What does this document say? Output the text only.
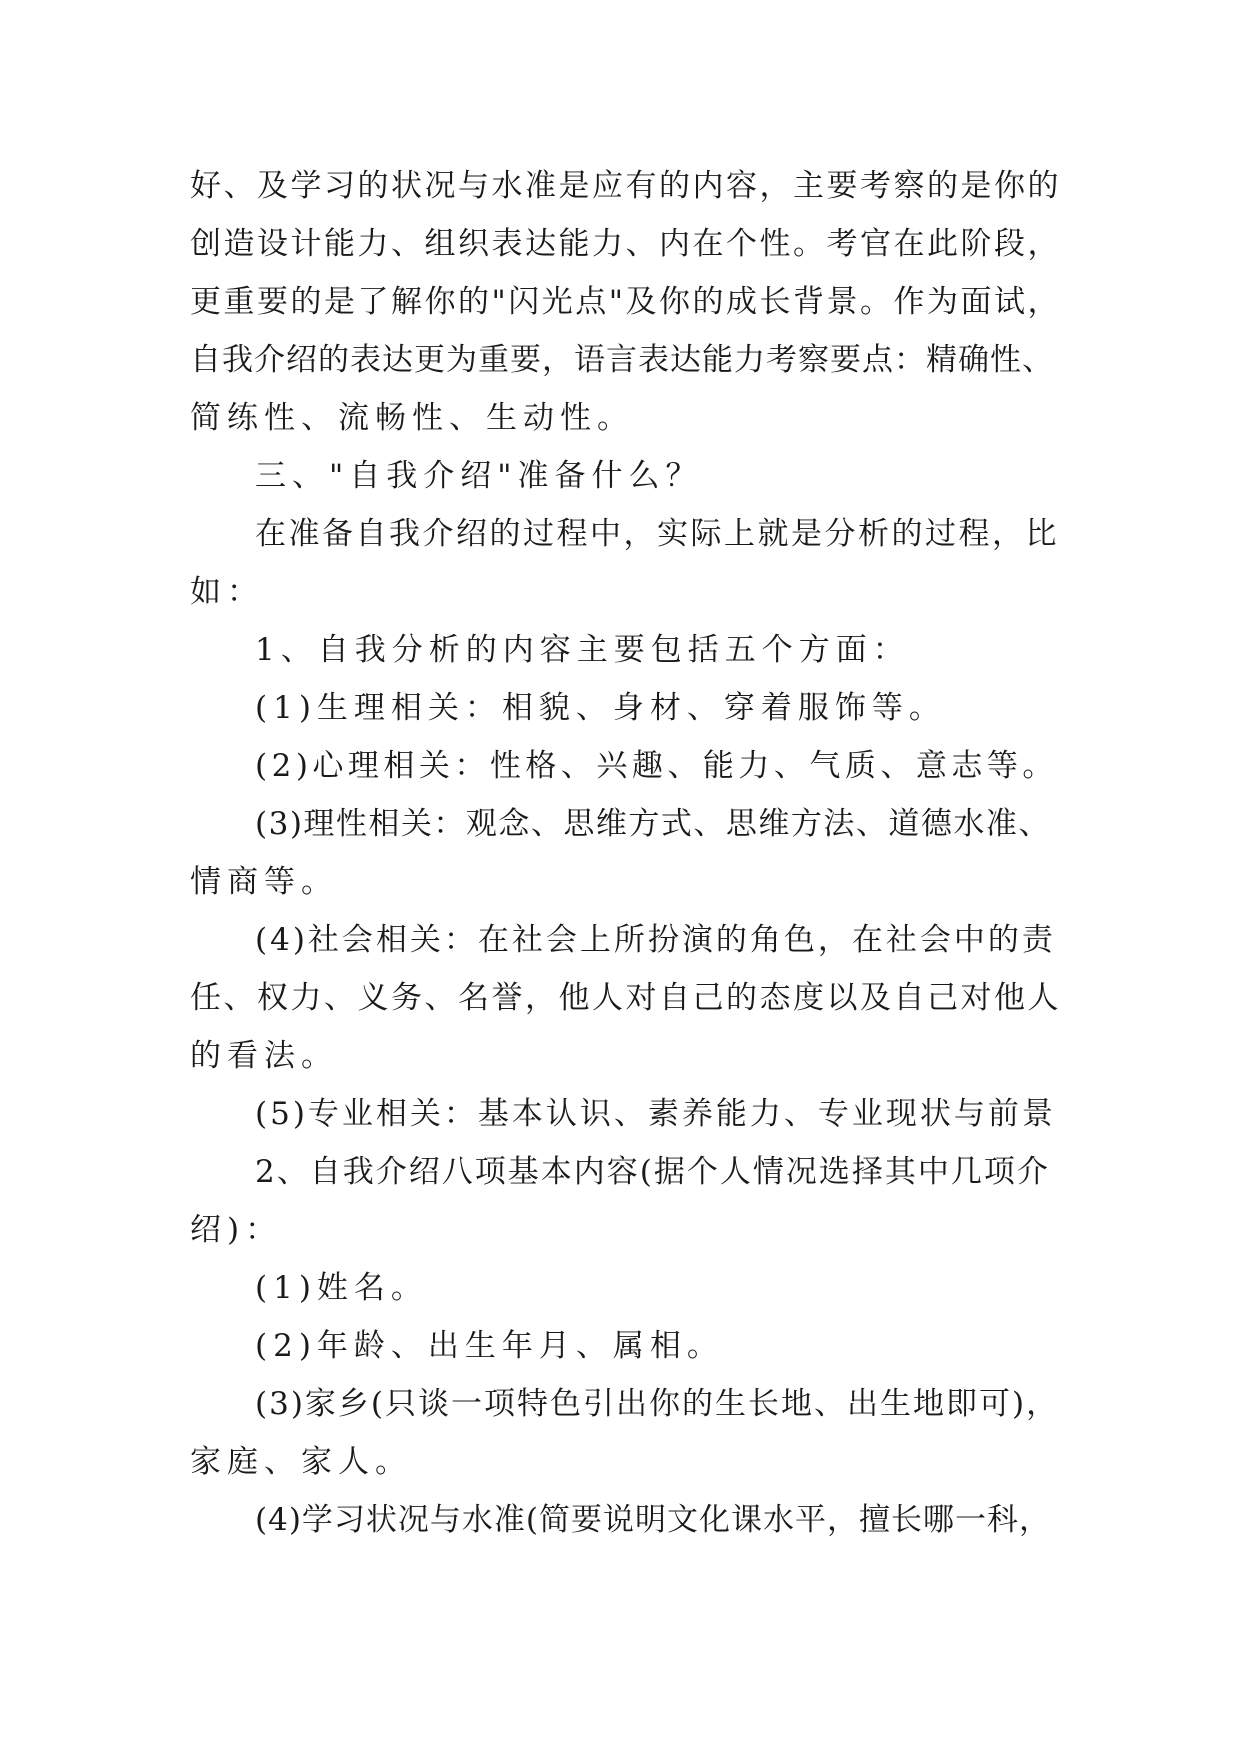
好、及学习的状况与水准是应有的内容，主要考察的是你的

创造设计能力、组织表达能力、内在个性。考官在此阶段，

更重要的是了解你的"闪光点"及你的成长背景。作为面试，

自我介绍的表达更为重要，语言表达能力考察要点：精确性、

简练性、流畅性、生动性。

三、"自我介绍"准备什么？

在准备自我介绍的过程中，实际上就是分析的过程，比

如：

1、自我分析的内容主要包括五个方面：

(1)生理相关：相貌、身材、穿着服饰等。

(2)心理相关：性格、兴趣、能力、气质、意志等。

(3)理性相关：观念、思维方式、思维方法、道德水准、

情商等。

(4)社会相关：在社会上所扮演的角色，在社会中的责

任、权力、义务、名誉，他人对自己的态度以及自己对他人

的看法。

(5)专业相关：基本认识、素养能力、专业现状与前景

2、自我介绍八项基本内容(据个人情况选择其中几项介

绍)：

(1)姓名。

(2)年龄、出生年月、属相。

(3)家乡(只谈一项特色引出你的生长地、出生地即可)，

家庭、家人。

(4)学习状况与水准(简要说明文化课水平，擅长哪一科，
